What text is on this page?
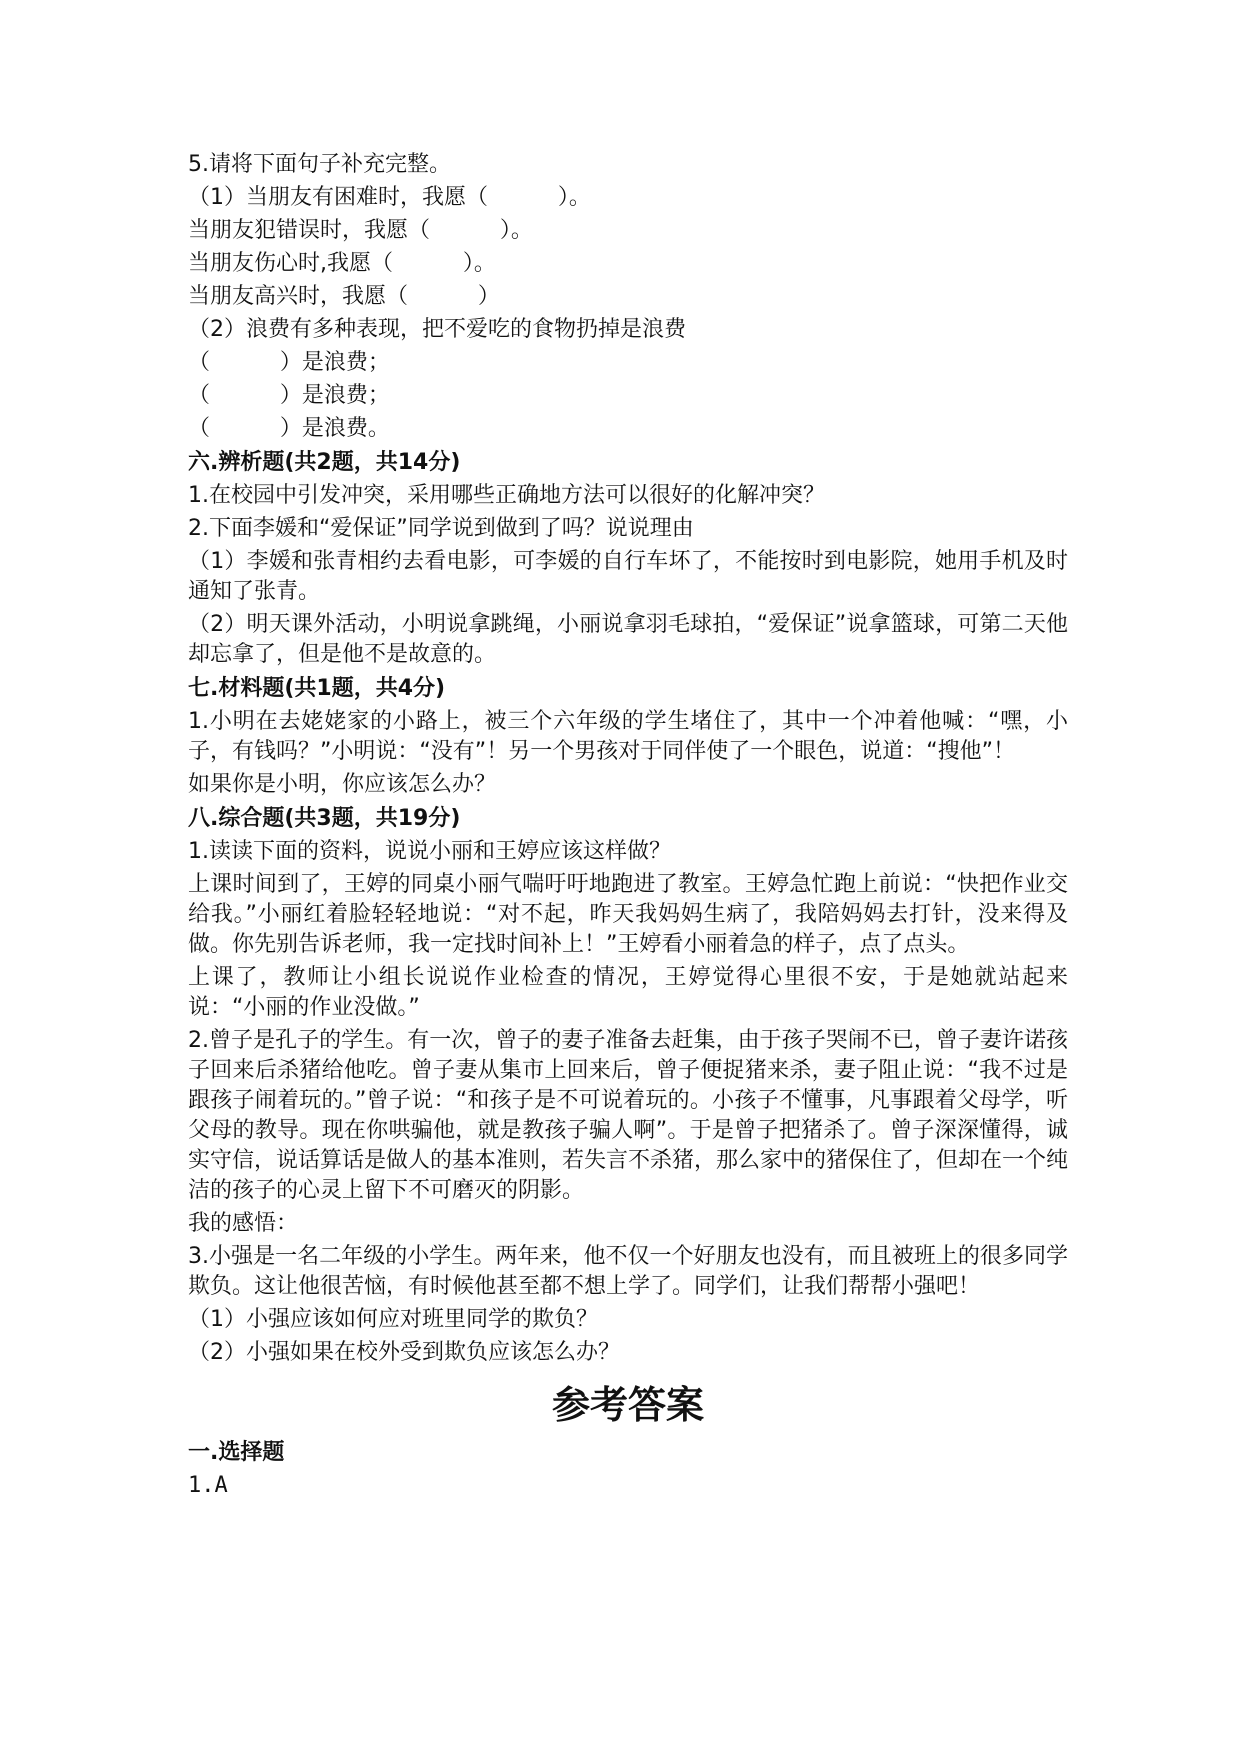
5.请将下面句子补充完整。
（1）当朋友有困难时，我愿（          ）。
当朋友犯错误时，我愿（          ）。
当朋友伤心时,我愿（          ）。
当朋友高兴时，我愿（          ）
（2）浪费有多种表现，把不爱吃的食物扔掉是浪费
（          ）是浪费；
（          ）是浪费；
（          ）是浪费。
六.辨析题(共2题，共14分)
1.在校园中引发冲突，采用哪些正确地方法可以很好的化解冲突？
2.下面李媛和“爱保证”同学说到做到了吗？说说理由
（1）李媛和张青相约去看电影，可李媛的自行车坏了，不能按时到电影院，她用手机及时通知了张青。
（2）明天课外活动，小明说拿跳绳，小丽说拿羽毛球拍，“爱保证”说拿篮球，可第二天他却忘拿了，但是他不是故意的。
七.材料题(共1题，共4分)
1.小明在去姥姥家的小路上，被三个六年级的学生堵住了，其中一个冲着他喊：“嘿，小子，有钱吗？”小明说：“没有”！另一个男孩对于同伴使了一个眼色，说道：“搜他”！
如果你是小明，你应该怎么办？
八.综合题(共3题，共19分)
1.读读下面的资料，说说小丽和王婷应该这样做？
上课时间到了，王婷的同桌小丽气喘吁吁地跑进了教室。王婷急忙跑上前说：“快把作业交给我。”小丽红着脸轻轻地说：“对不起，昨天我妈妈生病了，我陪妈妈去打针，没来得及做。你先别告诉老师，我一定找时间补上！”王婷看小丽着急的样子，点了点头。
上课了，教师让小组长说说作业检查的情况，王婷觉得心里很不安，于是她就站起来说：“小丽的作业没做。”
2.曾子是孔子的学生。有一次，曾子的妻子准备去赶集，由于孩子哭闹不已，曾子妻许诺孩子回来后杀猪给他吃。曾子妻从集市上回来后，曾子便捉猪来杀，妻子阻止说：“我不过是跟孩子闹着玩的。”曾子说：“和孩子是不可说着玩的。小孩子不懂事，凡事跟着父母学，听父母的教导。现在你哄骗他，就是教孩子骗人啊”。于是曾子把猪杀了。曾子深深懂得，诚实守信，说话算话是做人的基本准则，若失言不杀猪，那么家中的猪保住了，但却在一个纯洁的孩子的心灵上留下不可磨灭的阴影。
我的感悟：
3.小强是一名二年级的小学生。两年来，他不仅一个好朋友也没有，而且被班上的很多同学欺负。这让他很苦恼，有时候他甚至都不想上学了。同学们，让我们帮帮小强吧！
（1）小强应该如何应对班里同学的欺负？
（2）小强如果在校外受到欺负应该怎么办？
参考答案
一.选择题
1.A
